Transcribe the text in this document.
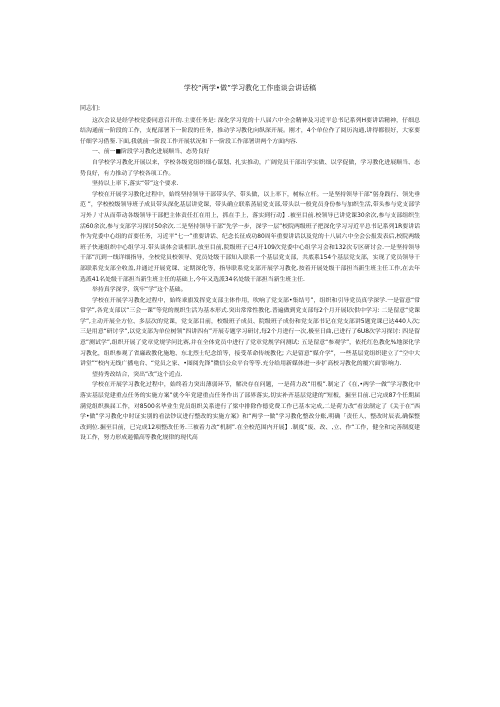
学校“两学•做”学习教化工作座谈会讲话稿

同志们:

这次会议是经学校党委同意召开的.主要任务是: 深化学习党的十八届六中全会精神及习近平总书记系列H要讲话精神，仔细总结沟通前一阶段的工作，支配部署下一阶段的任务，推动学习教化向纵深开展。刚才，4个单位作了阅历沟通,讲得都很好，大家要仔细学习借鉴.下面,我就前一阶段工作开展状况和下一阶段工作部署讲两个方面内容.

一、前一■阶段学习教化进展顺当、态势良好

自学校学习教化开展以来，学校各级党组织细心谋划、扎实推动，广阔党员干部出学实做、以学促做，学习教化进展顺当、态势良好，有力推动了学校各项工作。

坚持以上率下,落实“带”这个要求.

学校在开展学习教化过程中，始终坚持领导干部带头学、带头做，以上率下，树标立杆。一是坚持领导干部“躬身践行、领先垂范 ”，学校校级领导班子成员带头深化基层讲党课，带头确立联系蒸屈党支部,带头以一般党员身份参与加织生活,带头参与党支部学习外丿寸从而带动各级领导干部把主体责任扛在用上，抓在手上，落实到行动】.被至目前.校领导已讲党课30余次,参与支部组织生活60余次,参与支部学习探讨50余次.二是坚持领导干部“先学一步，深学一层”校院两级班子把深化学习习近平总书记系列1R要讲话作为党委中心组的首要任务，习近平“七一”重要讲话、纪念长征成功80周年重要讲话以及党的十八届六中全会公报发表后,校院两级班子快速组织中心组学习.带头谈体会谈相识.放至目前,院级班子已4开109次党委中心组学习会和132次专区研讨会.一是坚持领导干部“沉到一线详细指导，全校党员校领导、党员处级干部知入联系一个基层党支部，共底系154个基层党支部，实现了党员领导干部联系党支部全收盖,并通过开展党课、定期深化等，指导联系党支部开展学习教化.按着开展处级干部担当新生班主任工作,在去年选派41名处级干部担当新生班主任的基础上,今年又选派34名处级干部担当新生班主任.

举持真学深学，筑牢“学”这个基础。

学校在开展学习教化过程中，始终乖旗发挥党支部主体作用，吹响了党支部•集结号”，组织和引导党员真学深学.一是留意“常常学”,各党支部以“三会一课”等党的规织生活为基本形式.突出常常性教化.普遍做到党支部每2个月开展l次供中学习: 二是留意“党课学”,主动开展全方位、多层次的党课，党支部目前，校级班子成员、院级班子成份和党支部书记在党支部讲5题党课已达440人次; 三是用意“研讨学”,以党支部为单位树领“四讲四有”开展专题学习研讨,每2个月进行一次,极至日曲,已进行了6U8次学习探讨: 四是留意”测试学”,组织开展了党章党规学问比赛,并在全体党员中进行了党章党规学问测试: 五是留意“参观学”，依托红色教化%地深化学习教化，组织参观了省廉政教化施地、东北烈士纪念馆等，接受革命传统教化; 六是留意“媒介学”，一些基层党组织建立了“空中大讲堂”“校内无线广播电台、“党员之家、•图阅先锋”微信公众平台等等.充分给用新媒体进一步扩高校习教化的覆穴面'影响力.

望持秀改结合，突出“改”这个近点.

学校在开展学习教化过程中，始终着力突出薄弱环节，解决存在问题，一是荷力改“用板”.制定了《在,•两学一做”学习教化中落实基层党建重点任务的实施方案”就今年党建重点任务作出了部界落实,切实补齐基层党建的“短板，掘至目前.已完成87个任期届满党组织换届工作，对8500名毕业生党员组织关系进行了梁中排除作德党费工作已基本完成,二是荷力改“看法制定了《关于在“西学•做”学习教化中时证实别的看法钞议进行整改的实施方案》和“两学一做”学习教化整改分账,明确「责任人、整改时辰表,确保整改到位.掘至目前，已完成12项整改任务.三被着力改“机制”.在全校范围内开展】.制度“废、改、,立、作“工作，健全和完善制度建设工作，努力形成遏循高等教化规律的现代高
